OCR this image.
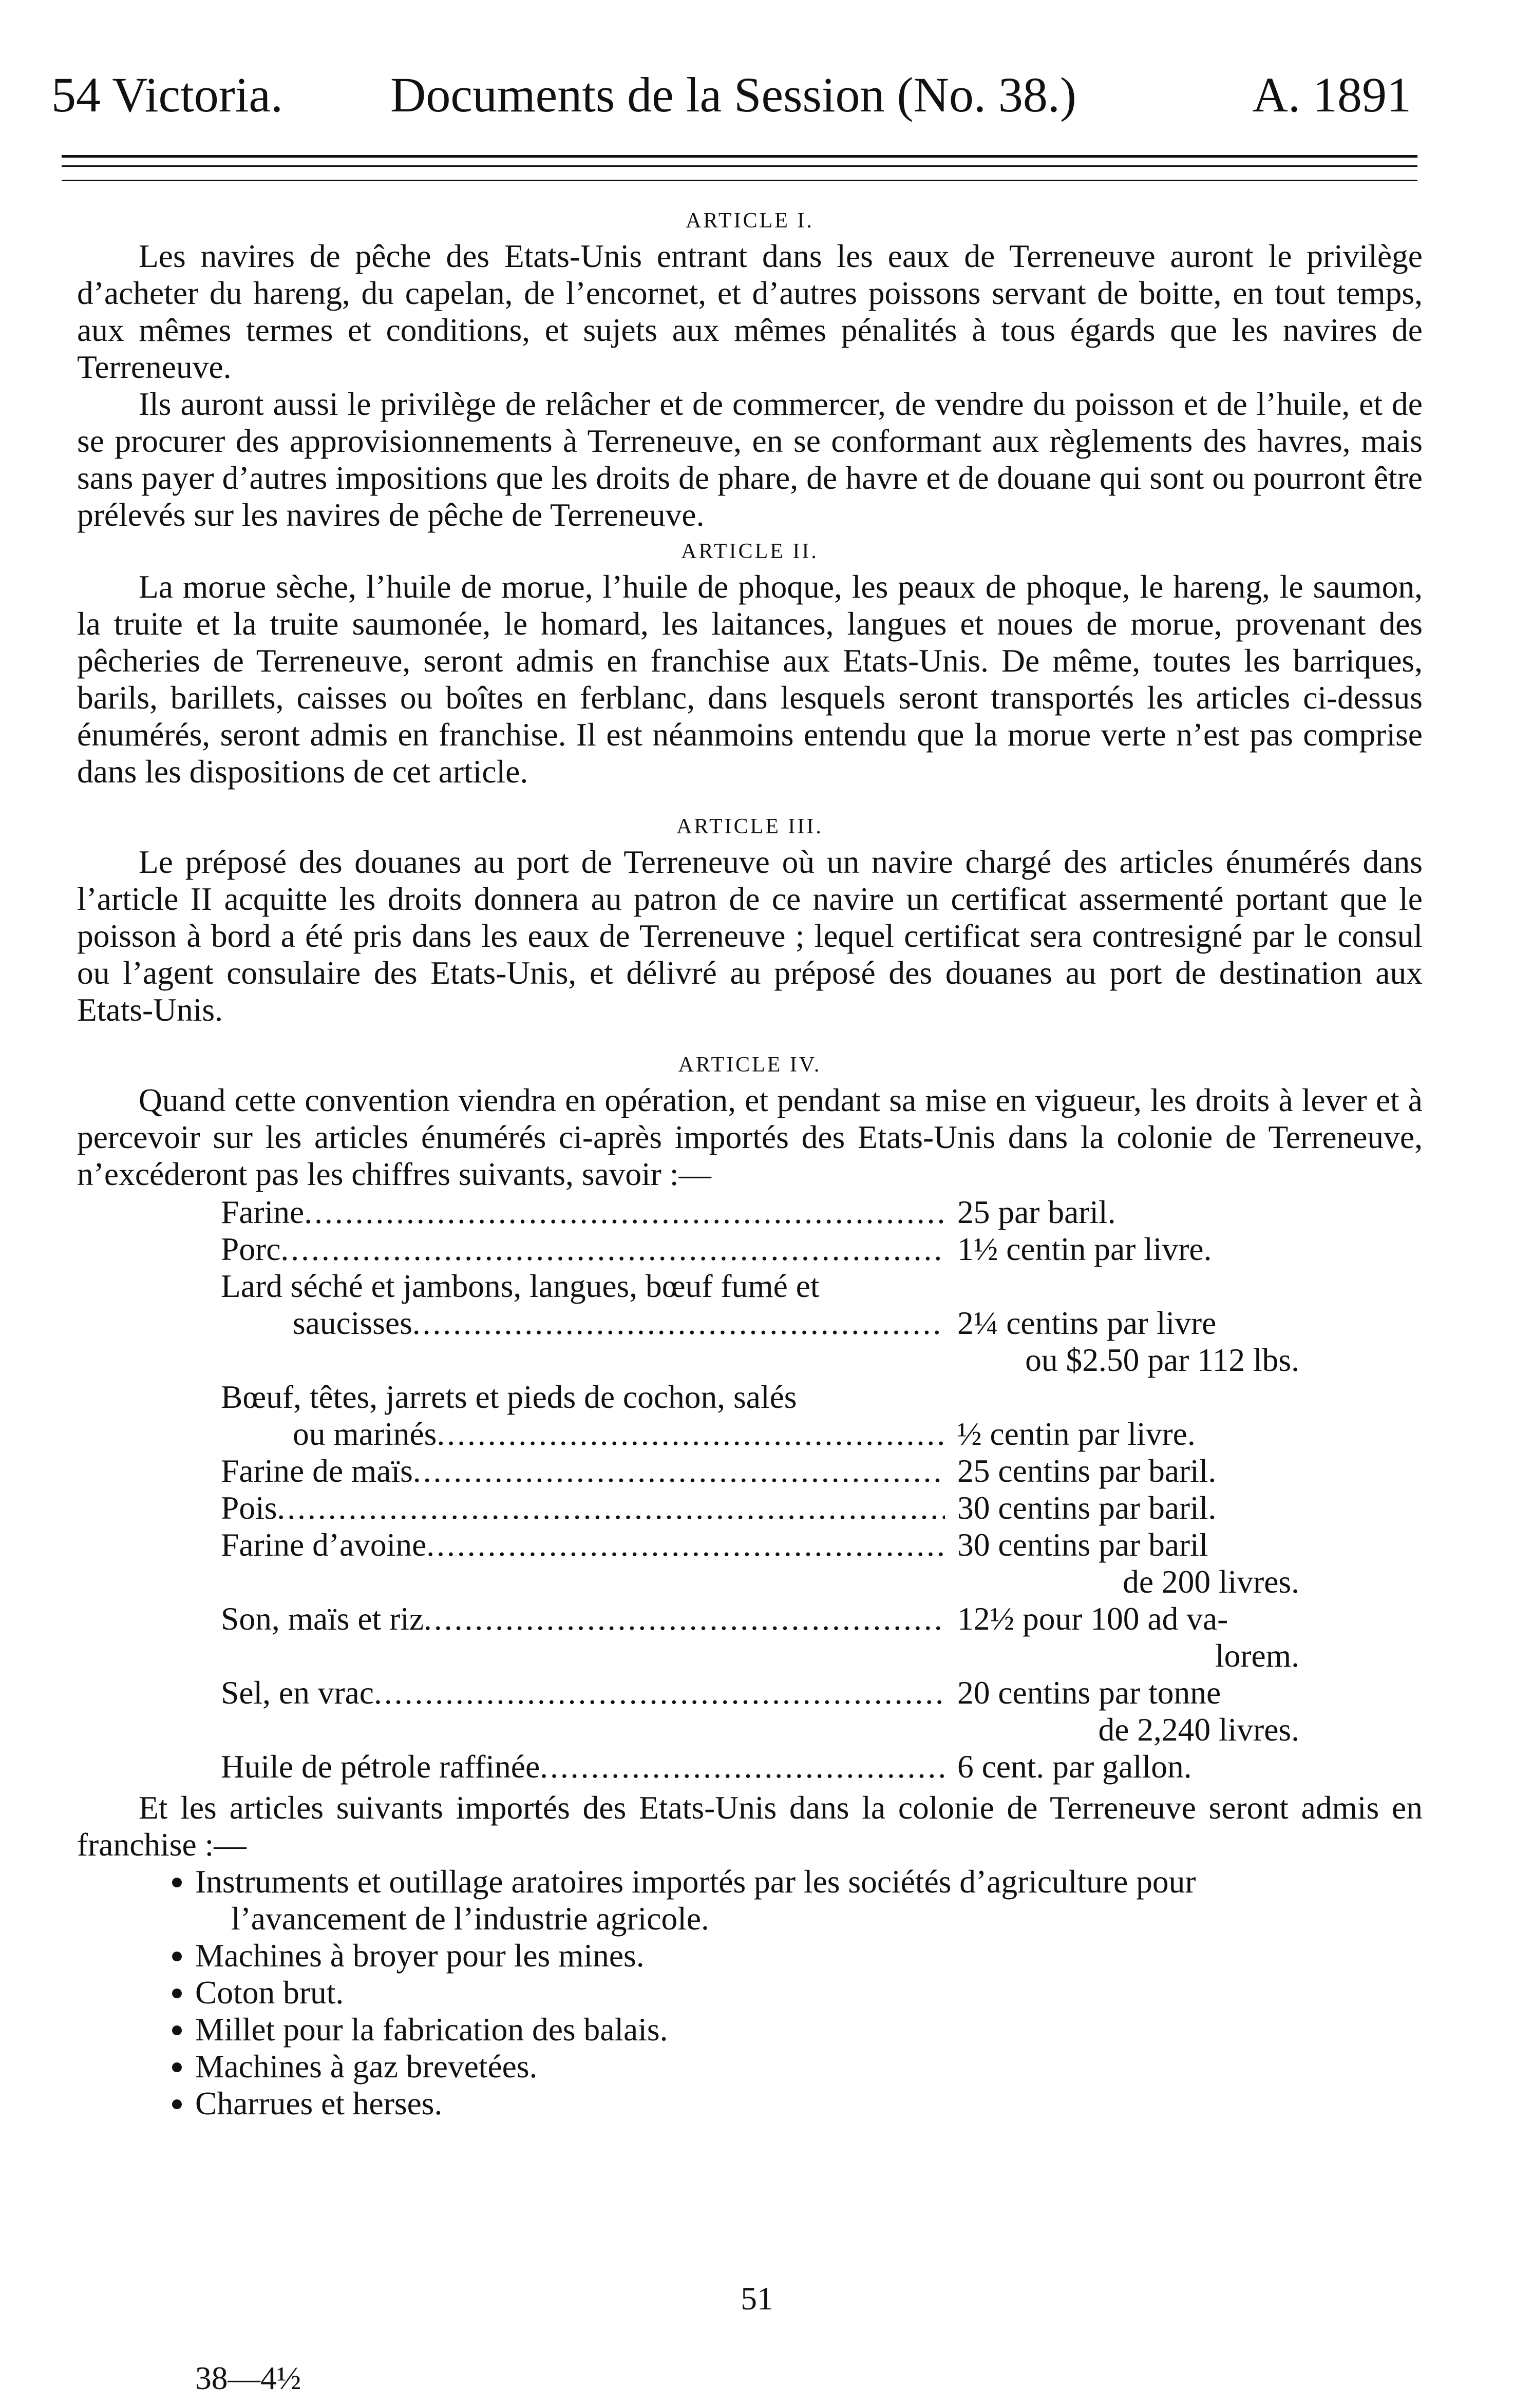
54 Victoria. Documents de la Session (No. 38.)	A. 1891
ARTICLE I.

Les navires de pêche des Etats-Unis entrant dans les eaux de Terreneuve auront le privilège d’acheter du hareng, du capelan, de l’encornet, et d’autres poissons servant de boitte, en tout temps, aux mêmes termes et conditions, et sujets aux mêmes pénalités à tous égards que les navires de Terreneuve.

Ils auront aussi le privilège de relâcher et de commercer, de vendre du poisson et de l’huile, et de se procurer des approvisionnements à Terreneuve, en se conformant aux règlements des havres, mais sans payer d’autres impositions que les droits de phare, de havre et de douane qui sont ou pourront être prélevés sur les navires de pêche de Terreneuve.

ARTICLE II.

La morue sèche, l’huile de morue, l’huile de phoque, les peaux de phoque, le hareng, le saumon, la truite et la truite saumonée, le homard, les laitances, langues et noues de morue, provenant des pêcheries de Terreneuve, seront admis en franchise aux Etats-Unis. De même, toutes les barriques, barils, barillets, caisses ou boîtes en ferblanc, dans lesquels seront transportés les articles ci-dessus énumérés, seront admis en franchise. Il est néanmoins entendu que la morue verte n’est pas comprise dans les dispositions de cet article.

ARTICLE III.

Le préposé des douanes au port de Terreneuve où un navire chargé des articles énumérés dans l’article II acquitte les droits donnera au patron de ce navire un certificat assermenté portant que le poisson à bord a été pris dans les eaux de Terreneuve ; lequel certificat sera contresigné par le consul ou l’agent consulaire des Etats-Unis, et délivré au préposé des douanes au port de destination aux Etats-Unis.

ARTICLE IV.

Quand cette convention viendra en opération, et pendant sa mise en vigueur, les droits à lever et à percevoir sur les articles énumérés ci-après importés des Etats-Unis dans la colonie de Terreneuve, n’excéderont pas les chiffres suivants, savoir :—

Farine .....	25 par baril.
Porc .....	1½ centin par livre.
Lard séché et jambons, langues, bœuf fumé et
saucisses .....
	2¼ centins par livre
ou $2.50 par 112 lbs.
Bœuf, têtes, jarrets et pieds de cochon, salés
ou marinés .....
	½ centin par livre.
Farine de maïs .....	25 centins par baril.
Pois .....	30 centins par baril.
Farine d’avoine .....	30 centins par baril
de 200 livres.
Son, maïs et riz .....	12½ pour 100 ad va-
lorem.
Sel, en vrac .....	20 centins par tonne
de 2,240 livres.
Huile de pétrole raffinée .....	6 cent. par gallon.

Et les articles suivants importés des Etats-Unis dans la colonie de Terreneuve seront admis en franchise :—

• Instruments et outillage aratoires importés par les sociétés d’agriculture pour
l’avancement de l’industrie agricole.
• Machines à broyer pour les mines.
• Coton brut.
• Millet pour la fabrication des balais.
• Machines à gaz brevetées.
• Charrues et herses.
51
38—4½
